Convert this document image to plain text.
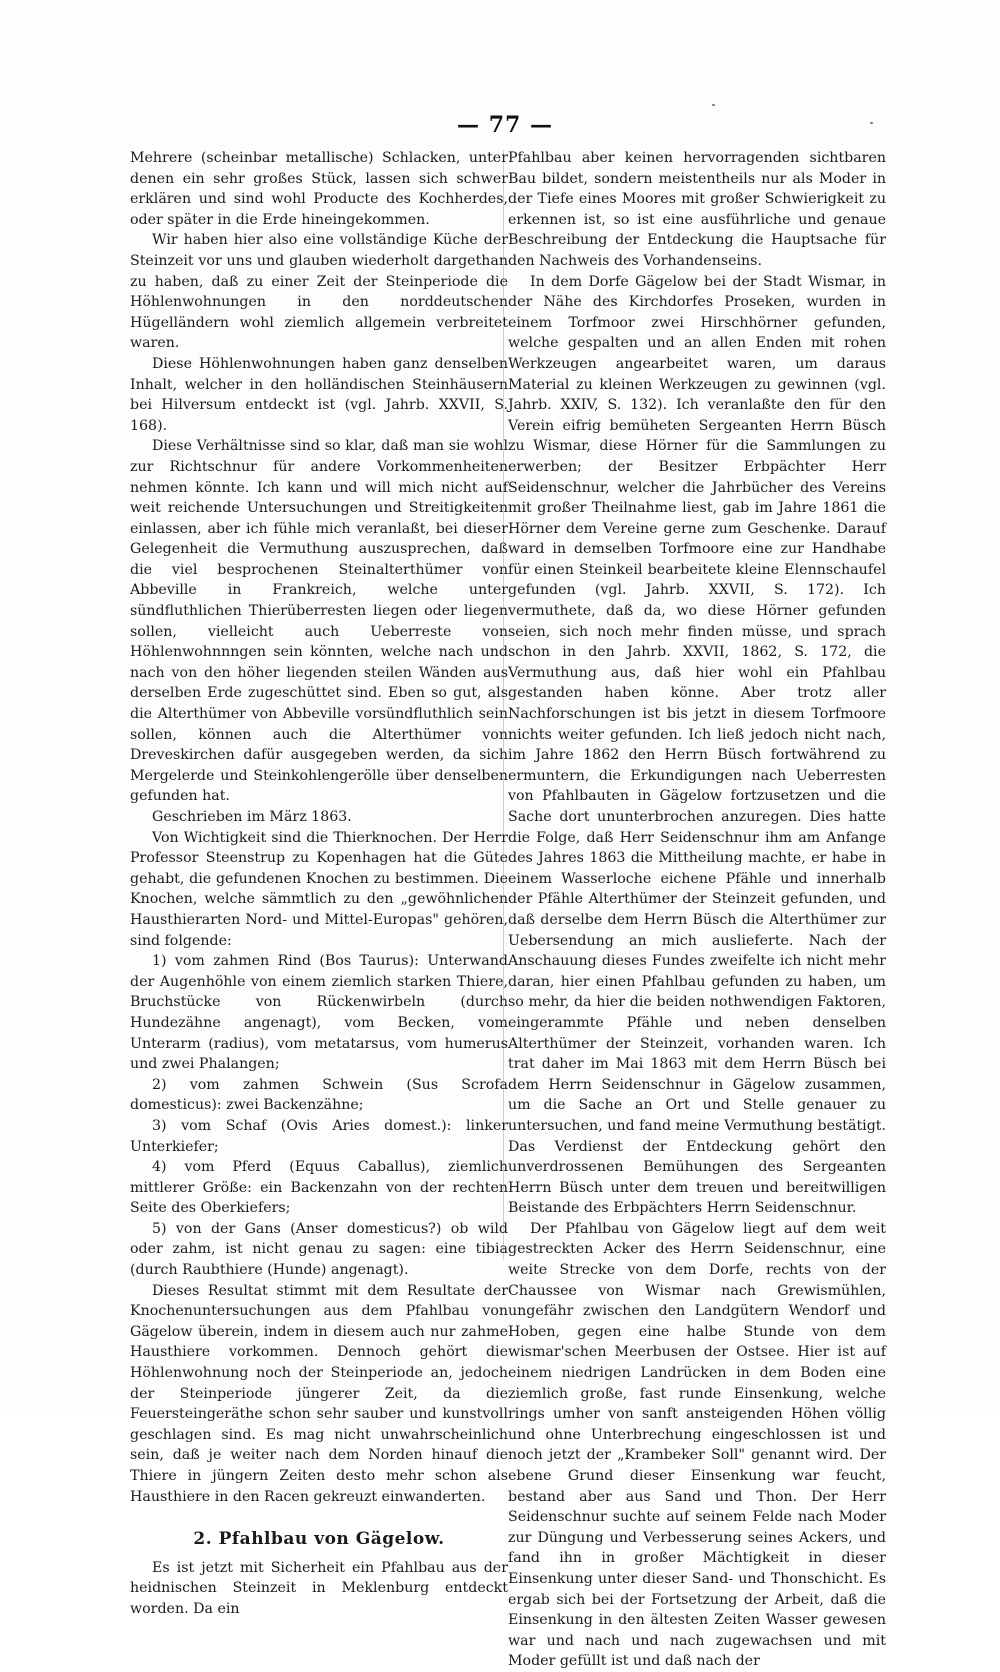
— 77 —

Mehrere (scheinbar metallische) Schlacken, unter denen ein sehr großes Stück, lassen sich schwer erklären und sind wohl Producte des Kochherdes, oder später in die Erde hineingekommen.

Wir haben hier also eine vollständige Küche der Steinzeit vor uns und glauben wiederholt dargethan zu haben, daß zu einer Zeit der Steinperiode die Höhlenwohnungen in den norddeutschen Hügelländern wohl ziemlich allgemein verbreitet waren.

Diese Höhlenwohnungen haben ganz denselben Inhalt, welcher in den holländischen Steinhäusern bei Hilversum entdeckt ist (vgl. Jahrb. XXVII, S. 168).

Diese Verhältnisse sind so klar, daß man sie wohl zur Richtschnur für andere Vorkommenheiten nehmen könnte. Ich kann und will mich nicht auf weit reichende Untersuchungen und Streitigkeiten einlassen, aber ich fühle mich veranlaßt, bei dieser Gelegenheit die Vermuthung auszusprechen, daß die viel besprochenen Steinalterthümer von Abbeville in Frankreich, welche unter sündfluthlichen Thierüberresten liegen oder liegen sollen, vielleicht auch Ueberreste von Höhlenwohnnngen sein könnten, welche nach und nach von den höher liegenden steilen Wänden aus derselben Erde zugeschüttet sind. Eben so gut, als die Alterthümer von Abbeville vorsündfluthlich sein sollen, können auch die Alterthümer von Dreveskirchen dafür ausgegeben werden, da sich Mergelerde und Steinkohlengerölle über denselben gefunden hat.

Geschrieben im März 1863.

Von Wichtigkeit sind die Thierknochen. Der Herr Professor Steenstrup zu Kopenhagen hat die Güte gehabt, die gefundenen Knochen zu bestimmen. Die Knochen, welche sämmtlich zu den „gewöhnlichen Hausthierarten Nord- und Mittel-Europas" gehören, sind folgende:

1) vom zahmen Rind (Bos Taurus): Unterwand der Augenhöhle von einem ziemlich starken Thiere, Bruchstücke von Rückenwirbeln (durch Hundezähne angenagt), vom Becken, vom Unterarm (radius), vom metatarsus, vom humerus und zwei Phalangen;

2) vom zahmen Schwein (Sus Scrofa domesticus): zwei Backenzähne;

3) vom Schaf (Ovis Aries domest.): linker Unterkiefer;

4) vom Pferd (Equus Caballus), ziemlich mittlerer Größe: ein Backenzahn von der rechten Seite des Oberkiefers;

5) von der Gans (Anser domesticus?) ob wild oder zahm, ist nicht genau zu sagen: eine tibia (durch Raubthiere (Hunde) angenagt).

Dieses Resultat stimmt mit dem Resultate der Knochenuntersuchungen aus dem Pfahlbau von Gägelow überein, indem in diesem auch nur zahme Hausthiere vorkommen. Dennoch gehört die Höhlenwohnung noch der Steinperiode an, jedoch der Steinperiode jüngerer Zeit, da die Feuersteingeräthe schon sehr sauber und kunstvoll geschlagen sind. Es mag nicht unwahrscheinlich sein, daß je weiter nach dem Norden hinauf die Thiere in jüngern Zeiten desto mehr schon als Hausthiere in den Racen gekreuzt einwanderten.

2. Pfahlbau von Gägelow.

Es ist jetzt mit Sicherheit ein Pfahlbau aus der heidnischen Steinzeit in Meklenburg entdeckt worden. Da ein

Pfahlbau aber keinen hervorragenden sichtbaren Bau bildet, sondern meistentheils nur als Moder in der Tiefe eines Moores mit großer Schwierigkeit zu erkennen ist, so ist eine ausführliche und genaue Beschreibung der Entdeckung die Hauptsache für den Nachweis des Vorhandenseins.

In dem Dorfe Gägelow bei der Stadt Wismar, in der Nähe des Kirchdorfes Proseken, wurden in einem Torfmoor zwei Hirschhörner gefunden, welche gespalten und an allen Enden mit rohen Werkzeugen angearbeitet waren, um daraus Material zu kleinen Werkzeugen zu gewinnen (vgl. Jahrb. XXIV, S. 132). Ich veranlaßte den für den Verein eifrig bemüheten Sergeanten Herrn Büsch zu Wismar, diese Hörner für die Sammlungen zu erwerben; der Besitzer Erbpächter Herr Seidenschnur, welcher die Jahrbücher des Vereins mit großer Theilnahme liest, gab im Jahre 1861 die Hörner dem Vereine gerne zum Geschenke. Darauf ward in demselben Torfmoore eine zur Handhabe für einen Steinkeil bearbeitete kleine Elennschaufel gefunden (vgl. Jahrb. XXVII, S. 172). Ich vermuthete, daß da, wo diese Hörner gefunden seien, sich noch mehr finden müsse, und sprach schon in den Jahrb. XXVII, 1862, S. 172, die Vermuthung aus, daß hier wohl ein Pfahlbau gestanden haben könne. Aber trotz aller Nachforschungen ist bis jetzt in diesem Torfmoore nichts weiter gefunden. Ich ließ jedoch nicht nach, im Jahre 1862 den Herrn Büsch fortwährend zu ermuntern, die Erkundigungen nach Ueberresten von Pfahlbauten in Gägelow fortzusetzen und die Sache dort ununterbrochen anzuregen. Dies hatte die Folge, daß Herr Seidenschnur ihm am Anfange des Jahres 1863 die Mittheilung machte, er habe in einem Wasserloche eichene Pfähle und innerhalb der Pfähle Alterthümer der Steinzeit gefunden, und daß derselbe dem Herrn Büsch die Alterthümer zur Uebersendung an mich auslieferte. Nach der Anschauung dieses Fundes zweifelte ich nicht mehr daran, hier einen Pfahlbau gefunden zu haben, um so mehr, da hier die beiden nothwendigen Faktoren, eingerammte Pfähle und neben denselben Alterthümer der Steinzeit, vorhanden waren. Ich trat daher im Mai 1863 mit dem Herrn Büsch bei dem Herrn Seidenschnur in Gägelow zusammen, um die Sache an Ort und Stelle genauer zu untersuchen, und fand meine Vermuthung bestätigt. Das Verdienst der Entdeckung gehört den unverdrossenen Bemühungen des Sergeanten Herrn Büsch unter dem treuen und bereitwilligen Beistande des Erbpächters Herrn Seidenschnur.

Der Pfahlbau von Gägelow liegt auf dem weit gestreckten Acker des Herrn Seidenschnur, eine weite Strecke von dem Dorfe, rechts von der Chaussee von Wismar nach Grewismühlen, ungefähr zwischen den Landgütern Wendorf und Hoben, gegen eine halbe Stunde von dem wismar'schen Meerbusen der Ostsee. Hier ist auf einem niedrigen Landrücken in dem Boden eine ziemlich große, fast runde Einsenkung, welche rings umher von sanft ansteigenden Höhen völlig und ohne Unterbrechung eingeschlossen ist und noch jetzt der „Krambeker Soll" genannt wird. Der ebene Grund dieser Einsenkung war feucht, bestand aber aus Sand und Thon. Der Herr Seidenschnur suchte auf seinem Felde nach Moder zur Düngung und Verbesserung seines Ackers, und fand ihn in großer Mächtigkeit in dieser Einsenkung unter dieser Sand- und Thonschicht. Es ergab sich bei der Fortsetzung der Arbeit, daß die Einsenkung in den ältesten Zeiten Wasser gewesen war und nach und nach zugewachsen und mit Moder gefüllt ist und daß nach der
